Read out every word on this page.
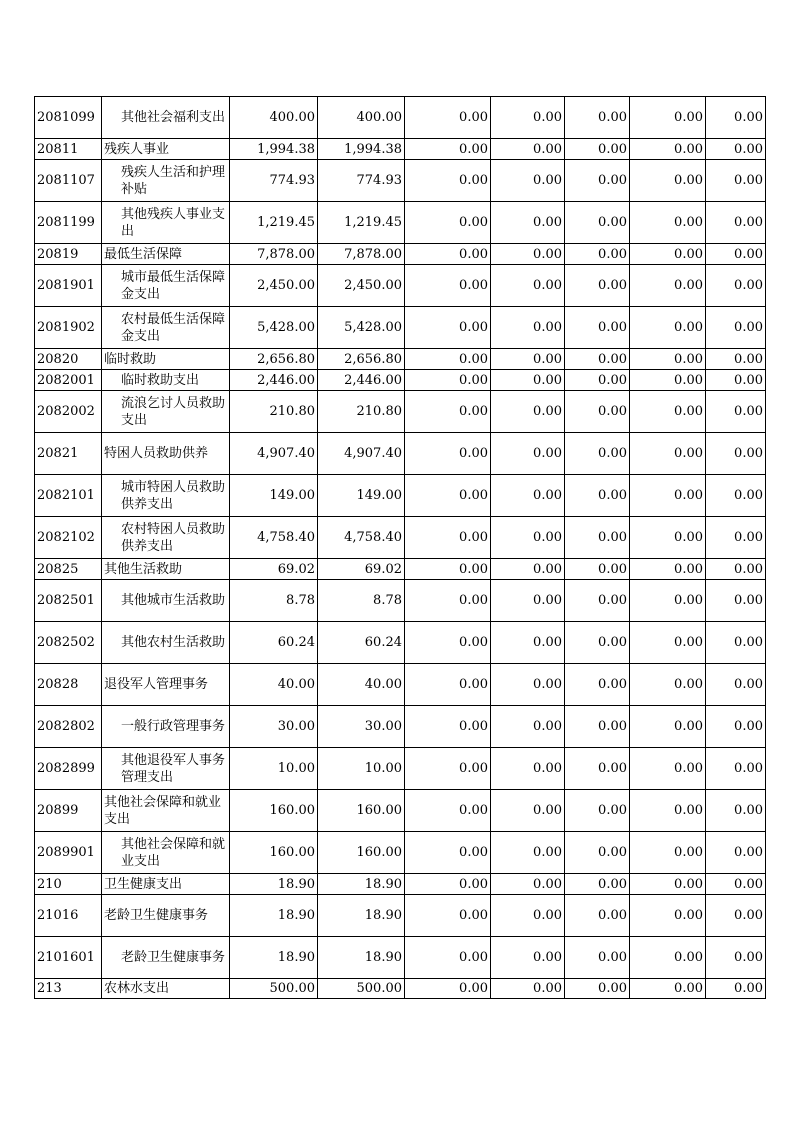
2081099	其他社会福利支出	400.00	400.00	0.00	0.00	0.00	0.00	0.00
20811	残疾人事业	1,994.38	1,994.38	0.00	0.00	0.00	0.00	0.00
2081107	残疾人生活和护理补贴	774.93	774.93	0.00	0.00	0.00	0.00	0.00
2081199	其他残疾人事业支出	1,219.45	1,219.45	0.00	0.00	0.00	0.00	0.00
20819	最低生活保障	7,878.00	7,878.00	0.00	0.00	0.00	0.00	0.00
2081901	城市最低生活保障金支出	2,450.00	2,450.00	0.00	0.00	0.00	0.00	0.00
2081902	农村最低生活保障金支出	5,428.00	5,428.00	0.00	0.00	0.00	0.00	0.00
20820	临时救助	2,656.80	2,656.80	0.00	0.00	0.00	0.00	0.00
2082001	临时救助支出	2,446.00	2,446.00	0.00	0.00	0.00	0.00	0.00
2082002	流浪乞讨人员救助支出	210.80	210.80	0.00	0.00	0.00	0.00	0.00
20821	特困人员救助供养	4,907.40	4,907.40	0.00	0.00	0.00	0.00	0.00
2082101	城市特困人员救助供养支出	149.00	149.00	0.00	0.00	0.00	0.00	0.00
2082102	农村特困人员救助供养支出	4,758.40	4,758.40	0.00	0.00	0.00	0.00	0.00
20825	其他生活救助	69.02	69.02	0.00	0.00	0.00	0.00	0.00
2082501	其他城市生活救助	8.78	8.78	0.00	0.00	0.00	0.00	0.00
2082502	其他农村生活救助	60.24	60.24	0.00	0.00	0.00	0.00	0.00
20828	退役军人管理事务	40.00	40.00	0.00	0.00	0.00	0.00	0.00
2082802	一般行政管理事务	30.00	30.00	0.00	0.00	0.00	0.00	0.00
2082899	其他退役军人事务管理支出	10.00	10.00	0.00	0.00	0.00	0.00	0.00
20899	其他社会保障和就业支出	160.00	160.00	0.00	0.00	0.00	0.00	0.00
2089901	其他社会保障和就业支出	160.00	160.00	0.00	0.00	0.00	0.00	0.00
210	卫生健康支出	18.90	18.90	0.00	0.00	0.00	0.00	0.00
21016	老龄卫生健康事务	18.90	18.90	0.00	0.00	0.00	0.00	0.00
2101601	老龄卫生健康事务	18.90	18.90	0.00	0.00	0.00	0.00	0.00
213	农林水支出	500.00	500.00	0.00	0.00	0.00	0.00	0.00
